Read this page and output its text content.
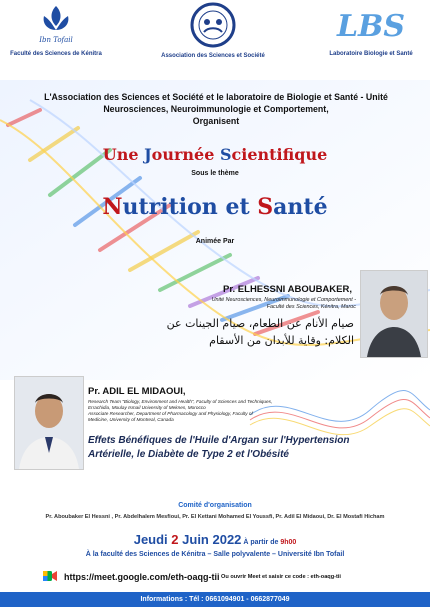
Ibn Tofail
Faculté des Sciences de Kénitra	Association des Sciences et Société
LBS
Laboratoire Biologie et Santé
L'Association des Sciences et Société et le laboratoire de Biologie et Santé - Unité
Neurosciences, Neuroimmunologie et Comportement,
Organisent
Une Journée Scientifique
Sous le thème
Nutrition et Santé
Animée Par
Pr. ELHESSNI ABOUBAKER,
Unité Neurosciences, Neuroimmunologie et Comportement -
Faculté des Sciences, Kénitra, Maroc
صيام الأنام عن الطعام، صيام الجينات عن
الكلام: وقاية للأبدان من الأسقام
Pr. ADIL EL MIDAOUI,
Research Team "Biology, Environment and Health", Faculty of Sciences and Techniques,
Errachidia, Moulay Ismail University of Meknes, Morocco
Associate Researcher, Department of Pharmacology and Physiology, Faculty of
Medicine, University of Montreal, Canada
Effets Bénéfiques de l'Huile d'Argan sur l'Hypertension
Artérielle, le Diabète de Type 2 et l'Obésité
Comité d'organisation
Pr. Aboubaker El Hessni , Pr. Abdelhalem Mesfioui, Pr. El Kettani Mohamed El Youssfi, Pr. Adil El Midaoui, Dr. El Mostafi Hicham
Jeudi 2 Juin 2022 À partir de 9h00
À la faculté des Sciences de Kénitra – Salle polyvalente – Université Ibn Tofail
https://meet.google.com/eth-oaqg-tii Ou ouvrir Meet et saisir ce code : eth-oaqg-tii
Informations : Tél : 0661094901 - 0662877049
